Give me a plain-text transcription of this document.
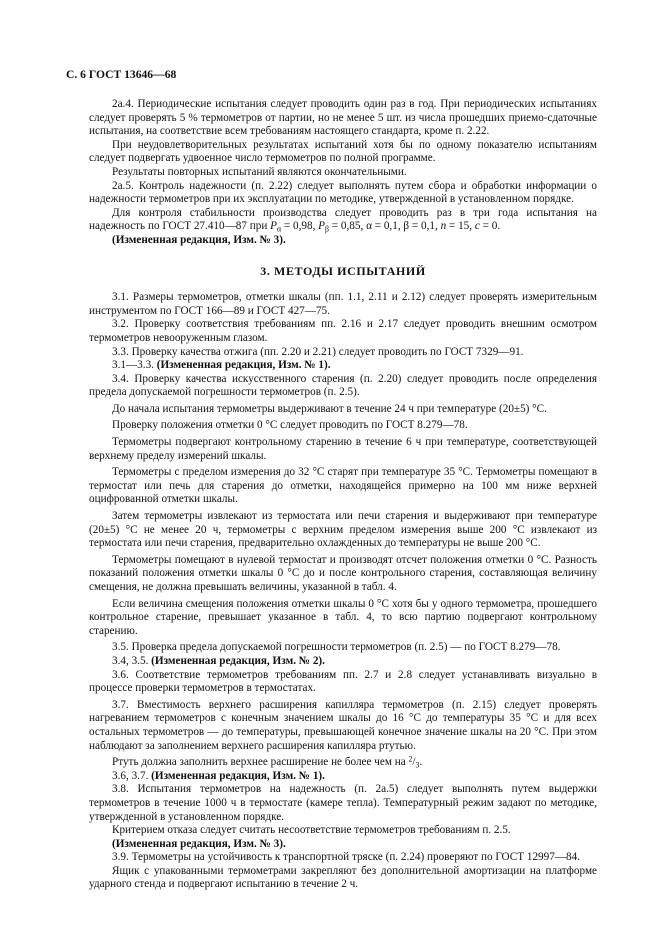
С. 6 ГОСТ 13646—68

2а.4. Периодические испытания следует проводить один раз в год. При периодических испытаниях следует проверять 5 % термометров от партии, но не менее 5 шт. из числа прошедших приемо-сдаточные испытания, на соответствие всем требованиям настоящего стандарта, кроме п. 2.22.

При неудовлетворительных результатах испытаний хотя бы по одному показателю испытаниям следует подвергать удвоенное число термометров по полной программе.

Результаты повторных испытаний являются окончательными.

2а.5. Контроль надежности (п. 2.22) следует выполнять путем сбора и обработки информации о надежности термометров при их эксплуатации по методике, утвержденной в установленном порядке.

Для контроля стабильности производства следует проводить раз в три года испытания на надежность по ГОСТ 27.410—87 при $P_\alpha = 0,98$, $P_\beta = 0,85$, α = 0,1, β = 0,1, n = 15, c = 0.

(Измененная редакция, Изм. № 3).

3. МЕТОДЫ ИСПЫТАНИЙ

3.1. Размеры термометров, отметки шкалы (пп. 1.1, 2.11 и 2.12) следует проверять измерительным инструментом по ГОСТ 166—89 и ГОСТ 427—75.

3.2. Проверку соответствия требованиям пп. 2.16 и 2.17 следует проводить внешним осмотром термометров невооруженным глазом.

3.3. Проверку качества отжига (пп. 2.20 и 2.21) следует проводить по ГОСТ 7329—91.

3.1—3.3. (Измененная редакция, Изм. № 1).

3.4. Проверку качества искусственного старения (п. 2.20) следует проводить после определения предела допускаемой погрешности термометров (п. 2.5).

До начала испытания термометры выдерживают в течение 24 ч при температуре (20±5) °С.

Проверку положения отметки 0 °С следует проводить по ГОСТ 8.279—78.

Термометры подвергают контрольному старению в течение 6 ч при температуре, соответствующей верхнему пределу измерений шкалы.

Термометры с пределом измерения до 32 °С старят при температуре 35 °С. Термометры помещают в термостат или печь для старения до отметки, находящейся примерно на 100 мм ниже верхней оцифрованной отметки шкалы.

Затем термометры извлекают из термостата или печи старения и выдерживают при температуре (20±5) °С не менее 20 ч, термометры с верхним пределом измерения выше 200 °С извлекают из термостата или печи старения, предварительно охлажденных до температуры не выше 200 °С.

Термометры помещают в нулевой термостат и производят отсчет положения отметки 0 °С. Разность показаний положения отметки шкалы 0 °С до и после контрольного старения, составляющая величину смещения, не должна превышать величины, указанной в табл. 4.

Если величина смещения положения отметки шкалы 0 °С хотя бы у одного термометра, прошедшего контрольное старение, превышает указанное в табл. 4, то всю партию подвергают контрольному старению.

3.5. Проверка предела допускаемой погрешности термометров (п. 2.5) — по ГОСТ 8.279—78.

3.4, 3.5. (Измененная редакция, Изм. № 2).

3.6. Соответствие термометров требованиям пп. 2.7 и 2.8 следует устанавливать визуально в процессе проверки термометров в термостатах.

3.7. Вместимость верхнего расширения капилляра термометров (п. 2.15) следует проверять нагреванием термометров с конечным значением шкалы до 16 °С до температуры 35 °С и для всех остальных термометров — до температуры, превышающей конечное значение шкалы на 20 °С. При этом наблюдают за заполнением верхнего расширения капилляра ртутью.

Ртуть должна заполнить верхнее расширение не более чем на $^2/_3$.

3.6, 3.7. (Измененная редакция, Изм. № 1).

3.8. Испытания термометров на надежность (п. 2а.5) следует выполнять путем выдержки термометров в течение 1000 ч в термостате (камере тепла). Температурный режим задают по методике, утвержденной в установленном порядке.

Критерием отказа следует считать несоответствие термометров требованиям п. 2.5.

(Измененная редакция, Изм. № 3).

3.9. Термометры на устойчивость к транспортной тряске (п. 2.24) проверяют по ГОСТ 12997—84.

Ящик с упакованными термометрами закрепляют без дополнительной амортизации на платформе ударного стенда и подвергают испытанию в течение 2 ч.
